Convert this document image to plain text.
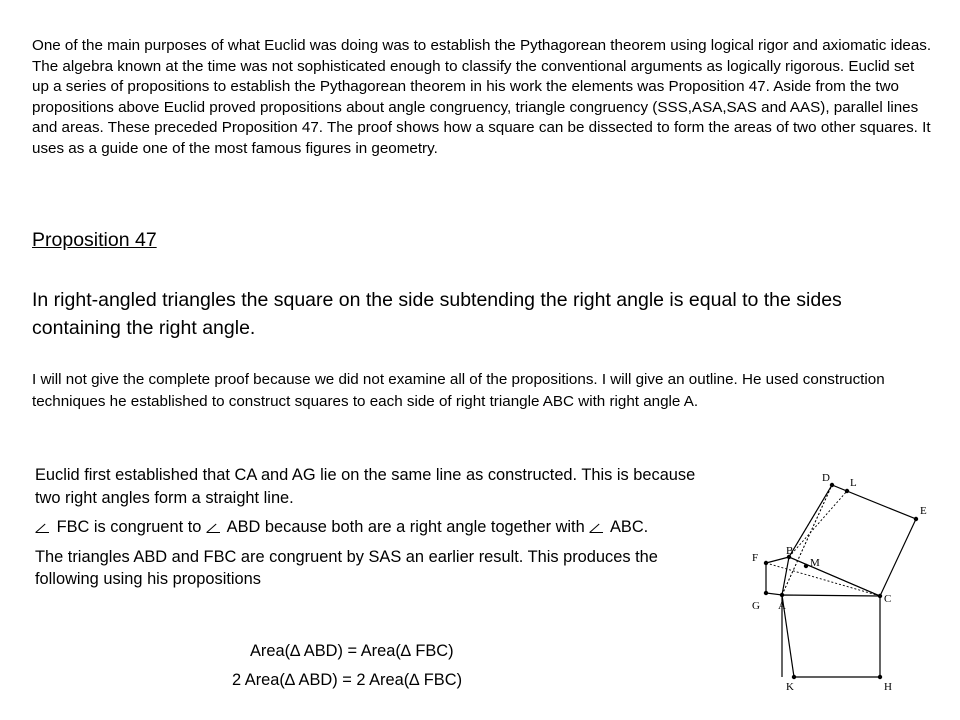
One of the main purposes of what Euclid was doing was to establish the Pythagorean theorem using logical rigor and axiomatic ideas. The algebra known at the time was not sophisticated enough to classify the conventional arguments as logically rigorous. Euclid set up a series of propositions to establish the Pythagorean theorem in his work the elements was Proposition 47. Aside from the two propositions above Euclid proved propositions about angle congruency, triangle congruency (SSS,ASA,SAS and AAS), parallel lines and areas. These preceded Proposition 47. The proof shows how a square can be dissected to form the areas of two other squares. It uses as a guide one of the most famous figures in geometry.

Proposition 47

In right-angled triangles the square on the side subtending the right angle is equal to the sides containing the right angle.

I will not give the complete proof because we did not examine all of the propositions. I will give an outline. He used construction techniques he established to construct squares to each side of right triangle ABC with right angle A.

Euclid first established that CA and AG lie on the same line as constructed. This is because two right angles form a straight line.

FBC is congruent to ABD because both are a right angle together with ABC.

The triangles ABD and FBC are congruent by SAS an earlier result. This produces the following using his propositions

Area(∆ ABD) = Area(∆ FBC)
2 Area(∆ ABD) = 2 Area(∆ FBC)
D L
E
F
B
M
G A
C
K	H
